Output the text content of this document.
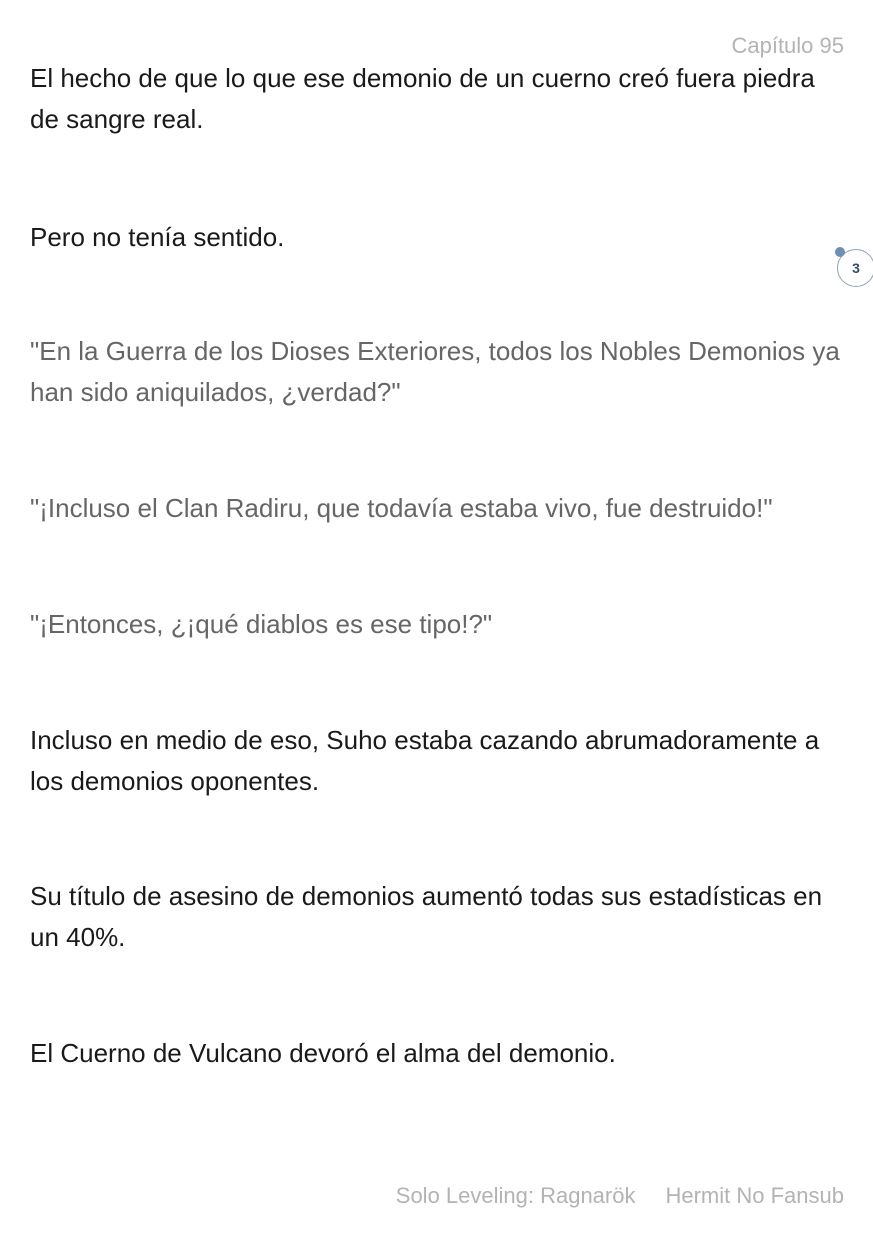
Capítulo 95

El hecho de que lo que ese demonio de un cuerno creó fuera piedra de sangre real.

Pero no tenía sentido.

"En la Guerra de los Dioses Exteriores, todos los Nobles Demonios ya han sido aniquilados, ¿verdad?"

"¡Incluso el Clan Radiru, que todavía estaba vivo, fue destruido!"

"¡Entonces, ¿¡qué diablos es ese tipo!?"

Incluso en medio de eso, Suho estaba cazando abrumadoramente a los demonios oponentes.

Su título de asesino de demonios aumentó todas sus estadísticas en un 40%.

El Cuerno de Vulcano devoró el alma del demonio.

3
Solo Leveling: Ragnarök Hermit No Fansub
